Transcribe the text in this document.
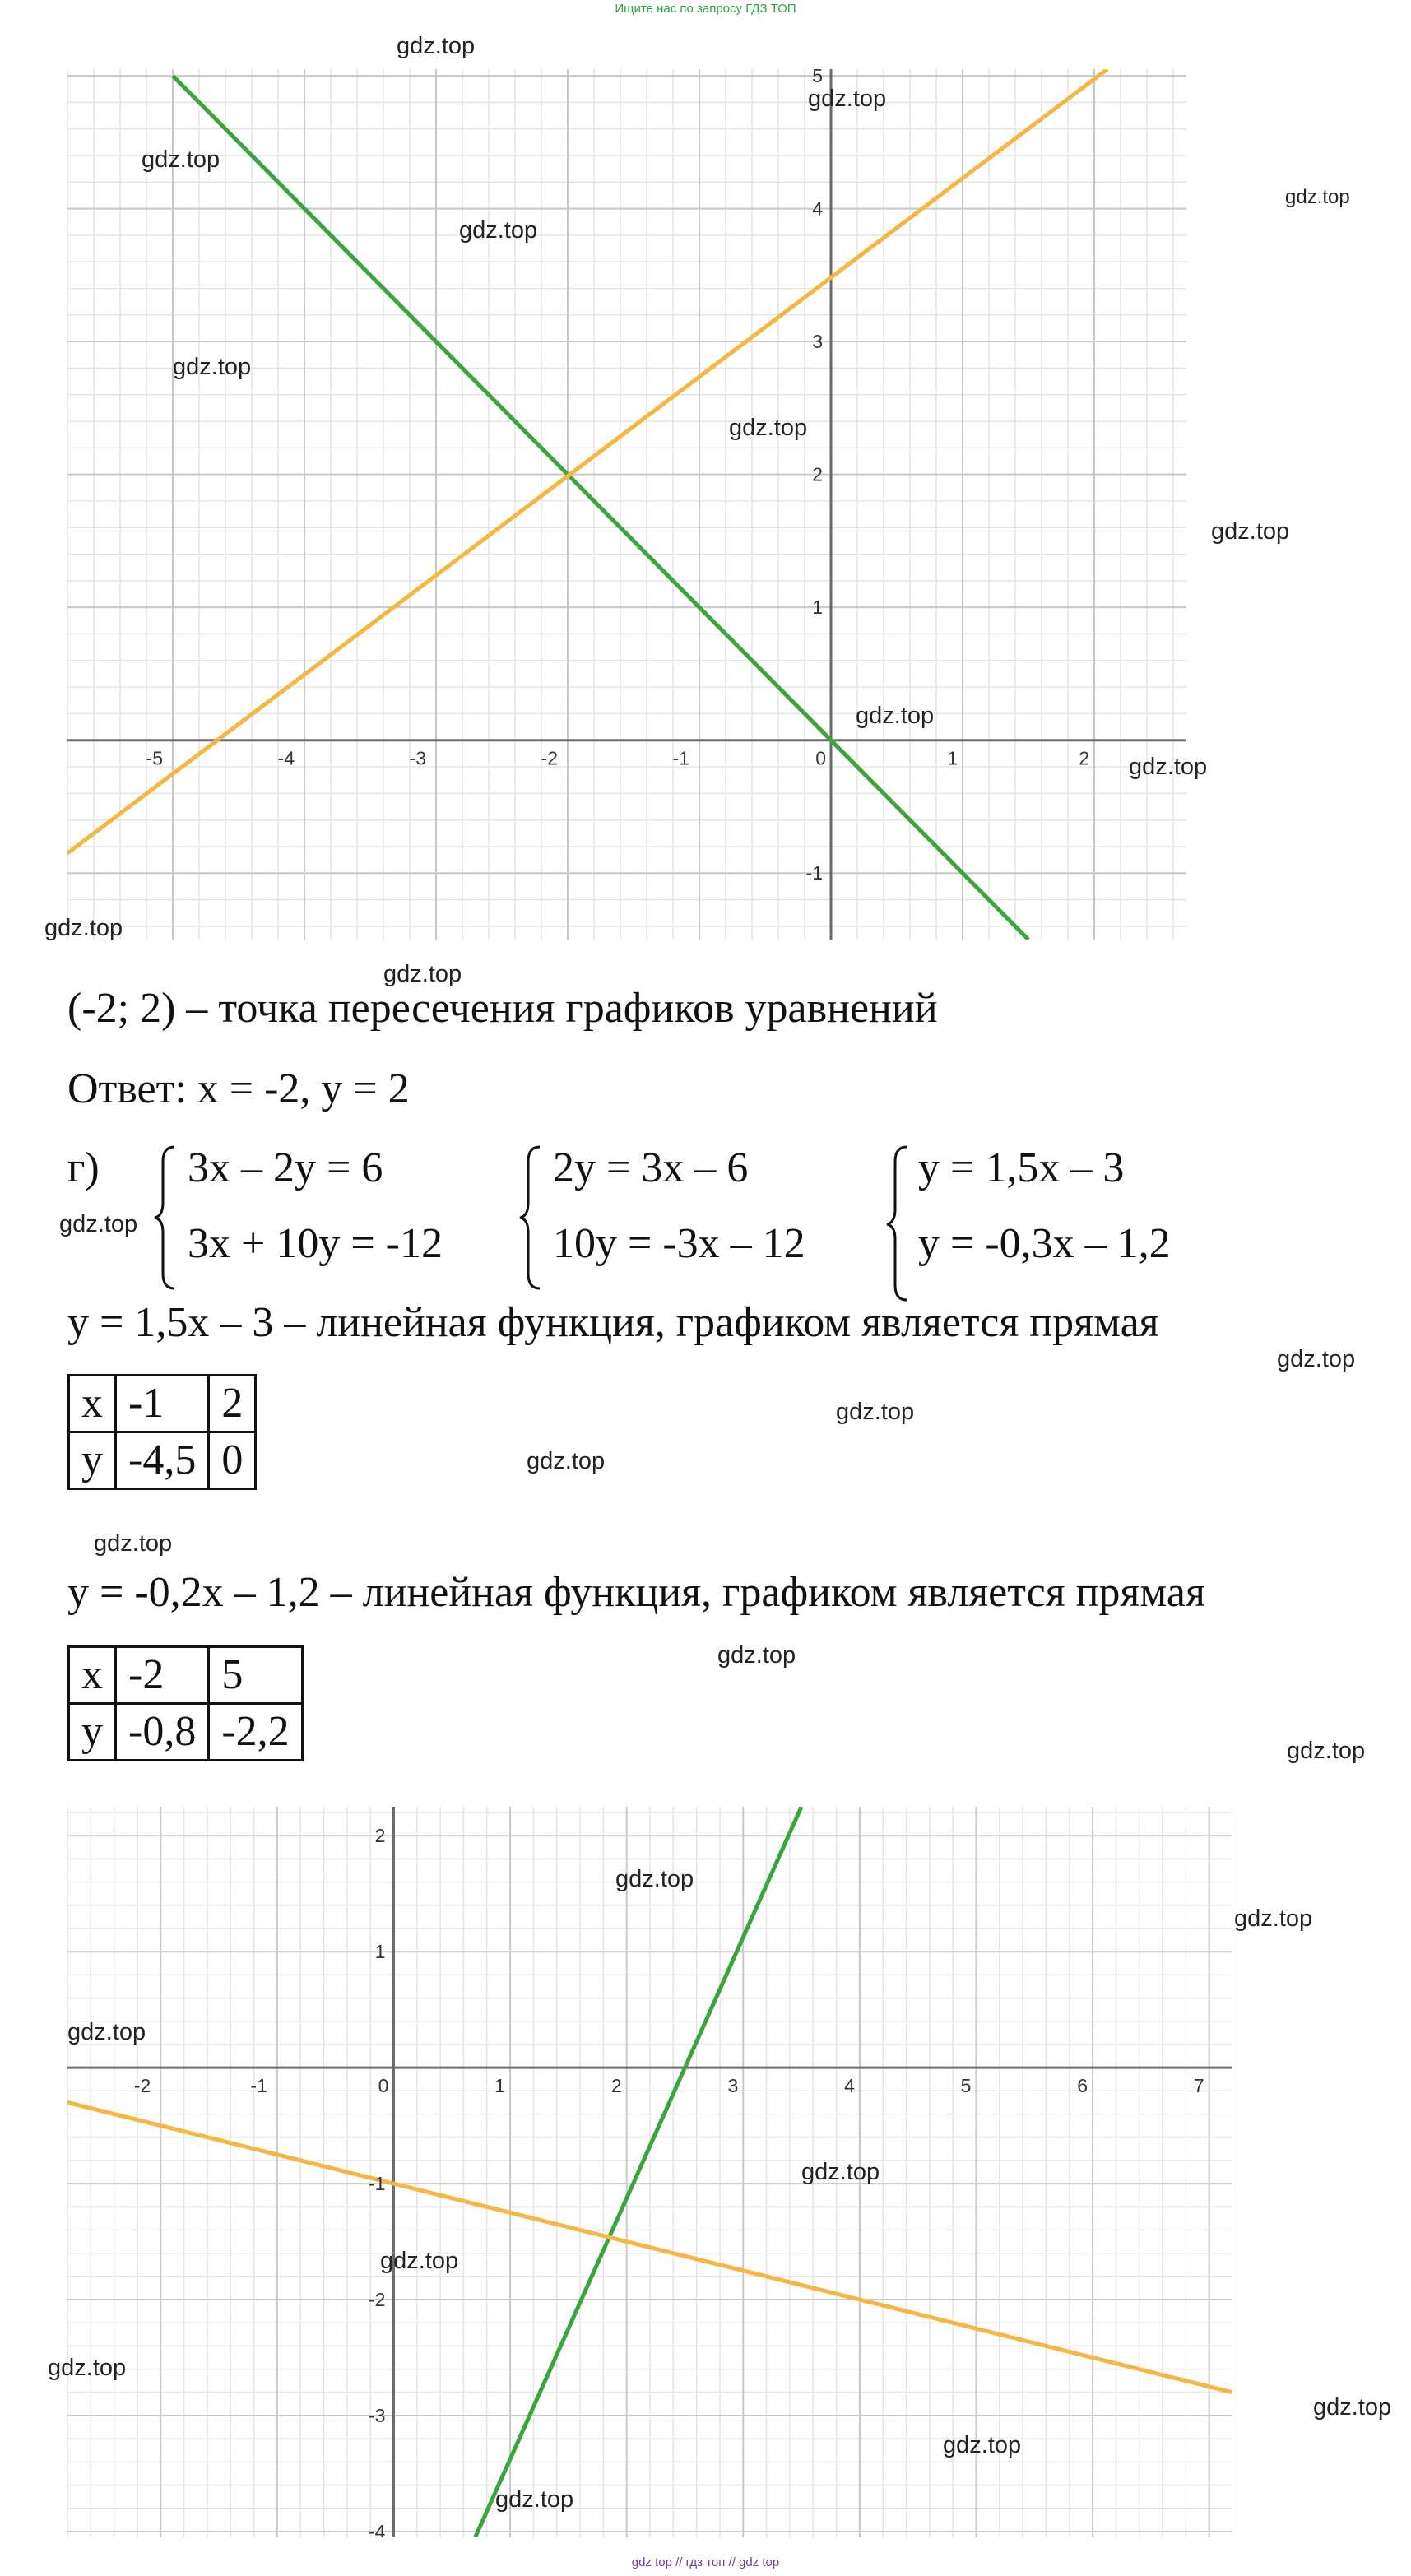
Ищите нас по запросу ГДЗ ТОП
-5	-4	-3	-2	-1	0	1	2
-1
1
2
3
4
5
(-2; 2) – точка пересечения графиков уравнений
Ответ: x = -2, y = 2
г) 3x – 2y = 6
3x + 10y = -12
2y = 3x – 6
10y = -3x – 12
y = 1,5x – 3
y = -0,3x – 1,2
y = 1,5x – 3 – линейная функция, графиком является прямая
x	-1	2
y	-4,5	0
y = -0,2x – 1,2 – линейная функция, графиком является прямая
x	-2	5
y	-0,8	-2,2
-2	-1	0	1	2	3	4	5	6	7
-4
-3
-2
-1
1
2
gdz.top
gdz.top
gdz.top
gdz.top
gdz.top
gdz.top
gdz.top
gdz.top
gdz.top
gdz.top
gdz.top
gdz.top
gdz.top
gdz.top
gdz.top
gdz.top
gdz.top
gdz.top
gdz.top
gdz.top
gdz.top
gdz.top
gdz.top
gdz.top
gdz.top
gdz.top
gdz.top
gdz.top
gdz top // гдз топ // gdz top
